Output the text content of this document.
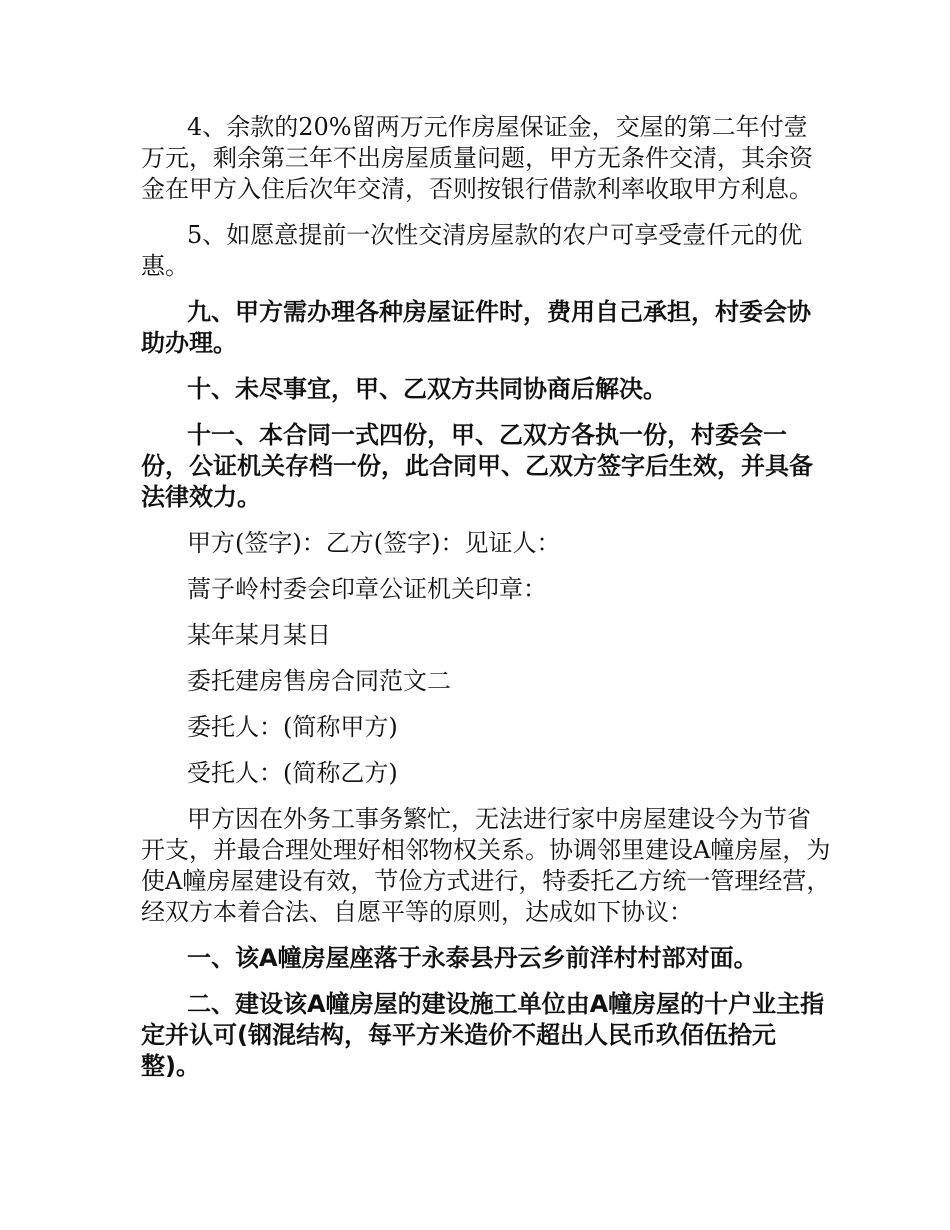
4、余款的20%留两万元作房屋保证金，交屋的第二年付壹万元，剩余第三年不出房屋质量问题，甲方无条件交清，其余资金在甲方入住后次年交清，否则按银行借款利率收取甲方利息。

5、如愿意提前一次性交清房屋款的农户可享受壹仟元的优惠。

九、甲方需办理各种房屋证件时，费用自己承担，村委会协助办理。

十、未尽事宜，甲、乙双方共同协商后解决。

十一、本合同一式四份，甲、乙双方各执一份，村委会一份，公证机关存档一份，此合同甲、乙双方签字后生效，并具备法律效力。

甲方(签字)：乙方(签字)：见证人：

蒿子岭村委会印章公证机关印章：

某年某月某日

委托建房售房合同范文二

委托人：(简称甲方)

受托人：(简称乙方)

甲方因在外务工事务繁忙，无法进行家中房屋建设今为节省开支，并最合理处理好相邻物权关系。协调邻里建设A幢房屋，为使A幢房屋建设有效，节俭方式进行，特委托乙方统一管理经营，经双方本着合法、自愿平等的原则，达成如下协议：

一、该A幢房屋座落于永泰县丹云乡前洋村村部对面。

二、建设该A幢房屋的建设施工单位由A幢房屋的十户业主指定并认可(钢混结构，每平方米造价不超出人民币玖佰伍拾元整)。
